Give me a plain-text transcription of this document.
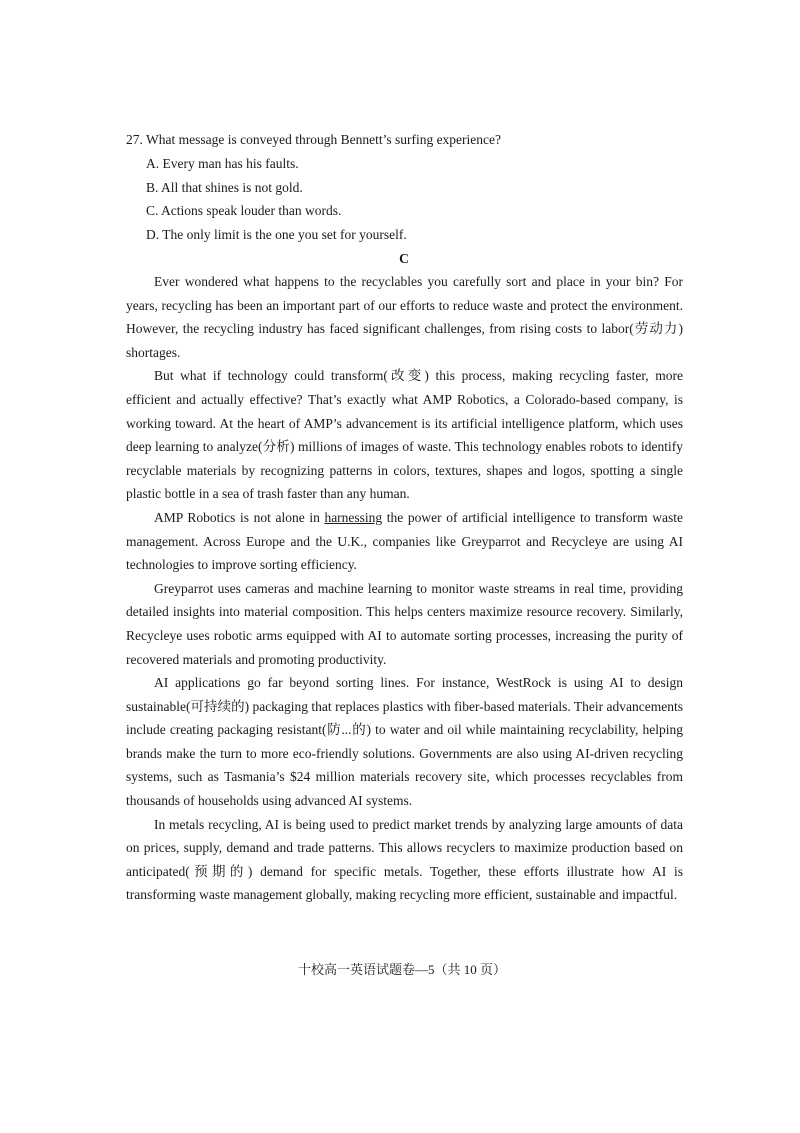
27. What message is conveyed through Bennett’s surfing experience?
A. Every man has his faults.
B. All that shines is not gold.
C. Actions speak louder than words.
D. The only limit is the one you set for yourself.
C

Ever wondered what happens to the recyclables you carefully sort and place in your bin? For years, recycling has been an important part of our efforts to reduce waste and protect the environment. However, the recycling industry has faced significant challenges, from rising costs to labor(劳动力) shortages.

But what if technology could transform(改变) this process, making recycling faster, more efficient and actually effective? That’s exactly what AMP Robotics, a Colorado-based company, is working toward. At the heart of AMP’s advancement is its artificial intelligence platform, which uses deep learning to analyze(分析) millions of images of waste. This technology enables robots to identify recyclable materials by recognizing patterns in colors, textures, shapes and logos, spotting a single plastic bottle in a sea of trash faster than any human.

AMP Robotics is not alone in harnessing the power of artificial intelligence to transform waste management. Across Europe and the U.K., companies like Greyparrot and Recycleye are using AI technologies to improve sorting efficiency.

Greyparrot uses cameras and machine learning to monitor waste streams in real time, providing detailed insights into material composition. This helps centers maximize resource recovery. Similarly, Recycleye uses robotic arms equipped with AI to automate sorting processes, increasing the purity of recovered materials and promoting productivity.

AI applications go far beyond sorting lines. For instance, WestRock is using AI to design sustainable(可持续的) packaging that replaces plastics with fiber-based materials. Their advancements include creating packaging resistant(防...的) to water and oil while maintaining recyclability, helping brands make the turn to more eco-friendly solutions. Governments are also using AI-driven recycling systems, such as Tasmania’s $24 million materials recovery site, which processes recyclables from thousands of households using advanced AI systems.

In metals recycling, AI is being used to predict market trends by analyzing large amounts of data on prices, supply, demand and trade patterns. This allows recyclers to maximize production based on anticipated(预期的) demand for specific metals. Together, these efforts illustrate how AI is transforming waste management globally, making recycling more efficient, sustainable and impactful.

十校高一英语试题卷—5（共 10 页）
